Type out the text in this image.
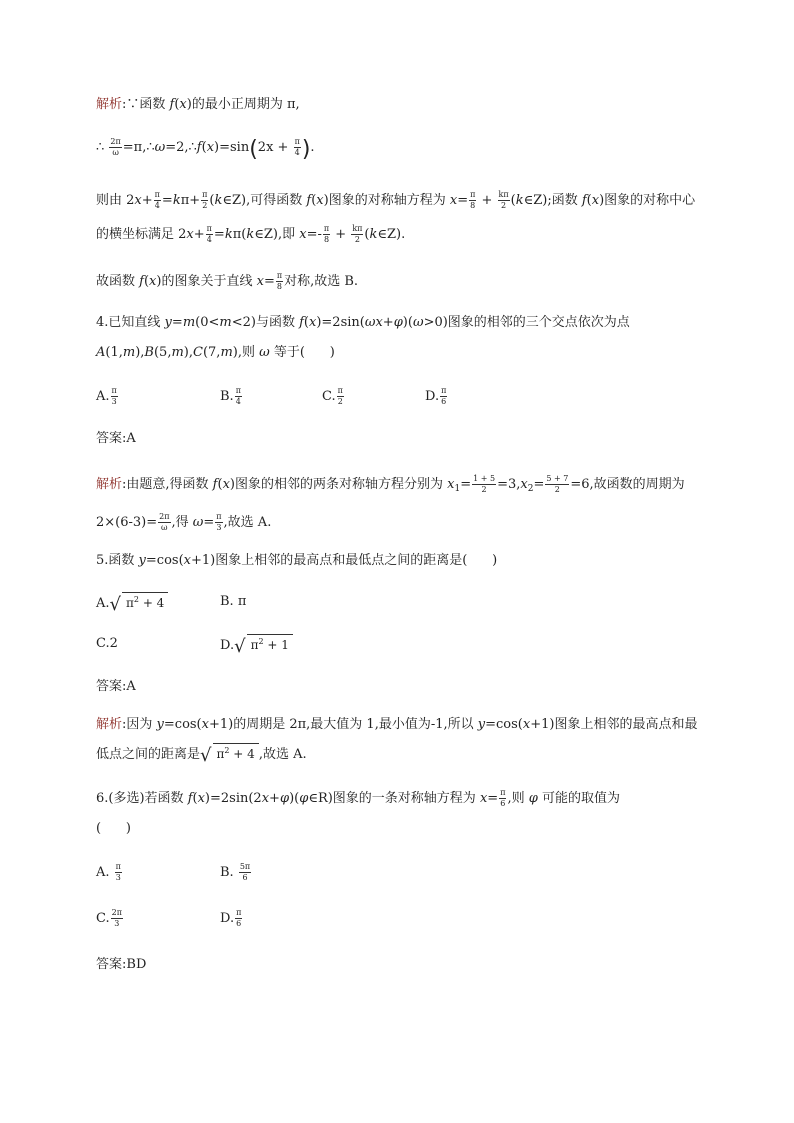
解析:∵函数 f(x)的最小正周期为 π,
∴ $\frac{2\pi}{\omega}$ =π,∴ω=2,∴f(x)=sin(2x + $\frac{\pi}{4}$ ).
则由 $2x+ \frac{\pi}{4} =k\pi+ \frac{\pi}{2}$ (k∈Z),可得函数 f(x)图象的对称轴方程为 $x= \frac{\pi}{8} + \frac{k\pi}{2}$ (k∈Z);函数 f(x)图象的对称中心的横坐标满足 $2x+ \frac{\pi}{4}$ =kπ(k∈Z),即 $x=- \frac{\pi}{8} + \frac{k\pi}{2}$ (k∈Z).
故函数 f(x)的图象关于直线 $x= \frac{\pi}{8}$ 对称,故选 B.
4.已知直线 y=m(0<m<2)与函数 f(x)=2sin(ωx+φ)(ω>0)图象的相邻的三个交点依次为点 A(1,m),B(5,m),C(7,m),则 ω 等于(      )
A. $\frac{\pi}{3}$	B. $\frac{\pi}{4}$	C. $\frac{\pi}{2}$	D. $\frac{\pi}{6}$
答案:A
解析:由题意,得函数 f(x)图象的相邻的两条对称轴方程分别为 $x_1= \frac{1 + 5}{2} =3,x_2= \frac{5 + 7}{2} =6$,故函数的周期为 $2\times(6-3)= \frac{2\pi}{\omega}$ ,得 $\omega= \frac{\pi}{3}$ ,故选 A.
5.函数 y=cos(x+1)图象上相邻的最高点和最低点之间的距离是(      )
A.√ $\pi^2 + 4$	B. π
C.2	D.√ $\pi^2 + 1$
答案:A
解析:因为 y=cos(x+1)的周期是 2π,最大值为 1,最小值为-1,所以 y=cos(x+1)图象上相邻的最高点和最低点之间的距离是√ $\pi^2 + 4$ ,故选 A.
6.(多选)若函数 f(x)=2sin(2x+φ)(φ∈R)图象的一条对称轴方程为 $x= \frac{\pi}{6}$ ,则 φ 可能的取值为
(      )
A. $\frac{\pi}{3}$	B. $\frac{5\pi}{6}$
C. $\frac{2\pi}{3}$	D. $\frac{\pi}{6}$
答案:BD
